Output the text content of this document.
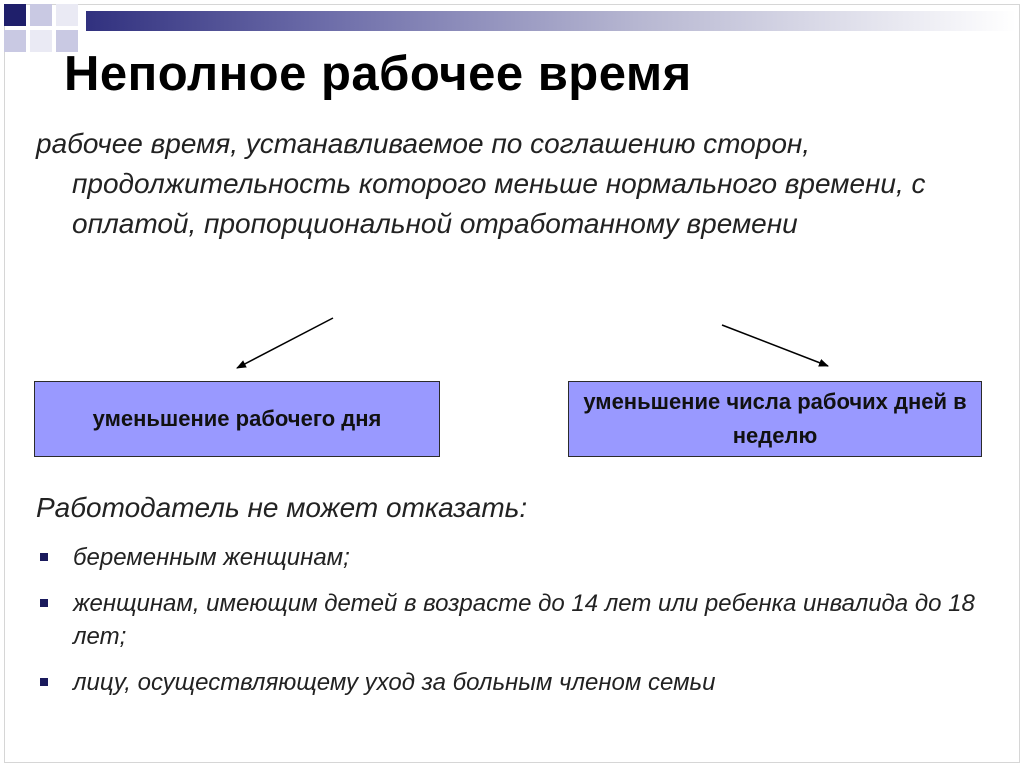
Неполное рабочее время
рабочее время, устанавливаемое по соглашению сторон, продолжительность которого меньше нормального времени, с оплатой, пропорциональной отработанному времени
уменьшение рабочего дня
уменьшение числа рабочих дней в неделю
Работодатель не может отказать:
беременным женщинам;
женщинам, имеющим детей в возрасте до 14 лет или ребенка инвалида до 18 лет;
лицу, осуществляющему уход за больным членом семьи
